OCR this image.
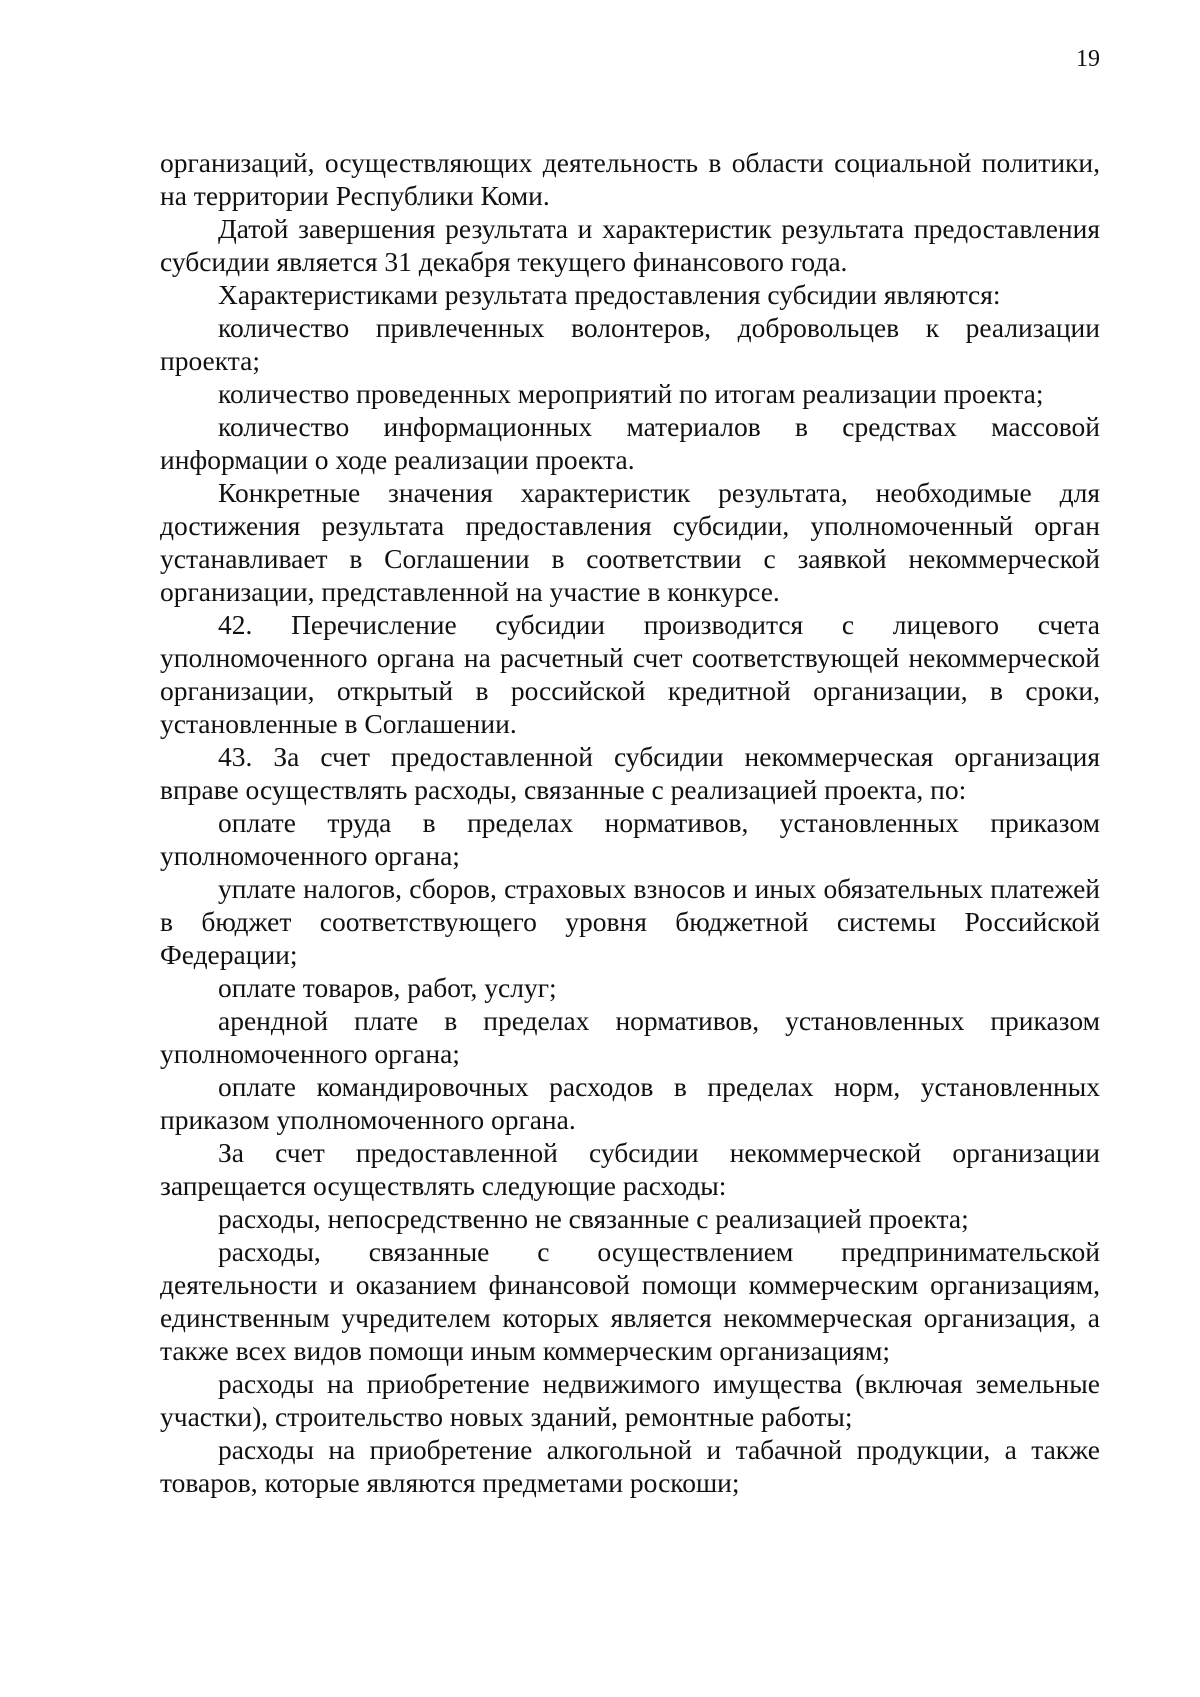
19

организаций, осуществляющих деятельность в области социальной политики, на территории Республики Коми.

Датой завершения результата и характеристик результата предоставления субсидии является 31 декабря текущего финансового года.

Характеристиками результата предоставления субсидии являются:

количество привлеченных волонтеров, добровольцев к реализации проекта;

количество проведенных мероприятий по итогам реализации проекта;

количество информационных материалов в средствах массовой информации о ходе реализации проекта.

Конкретные значения характеристик результата, необходимые для достижения результата предоставления субсидии, уполномоченный орган устанавливает в Соглашении в соответствии с заявкой некоммерческой организации, представленной на участие в конкурсе.

42. Перечисление субсидии производится с лицевого счета уполномоченного органа на расчетный счет соответствующей некоммерческой организации, открытый в российской кредитной организации, в сроки, установленные в Соглашении.

43. За счет предоставленной субсидии некоммерческая организация вправе осуществлять расходы, связанные с реализацией проекта, по:

оплате труда в пределах нормативов, установленных приказом уполномоченного органа;

уплате налогов, сборов, страховых взносов и иных обязательных платежей в бюджет соответствующего уровня бюджетной системы Российской Федерации;

оплате товаров, работ, услуг;

арендной плате в пределах нормативов, установленных приказом уполномоченного органа;

оплате командировочных расходов в пределах норм, установленных приказом уполномоченного органа.

За счет предоставленной субсидии некоммерческой организации запрещается осуществлять следующие расходы:

расходы, непосредственно не связанные с реализацией проекта;

расходы, связанные с осуществлением предпринимательской деятельности и оказанием финансовой помощи коммерческим организациям, единственным учредителем которых является некоммерческая организация, а также всех видов помощи иным коммерческим организациям;

расходы на приобретение недвижимого имущества (включая земельные участки), строительство новых зданий, ремонтные работы;

расходы на приобретение алкогольной и табачной продукции, а также товаров, которые являются предметами роскоши;
